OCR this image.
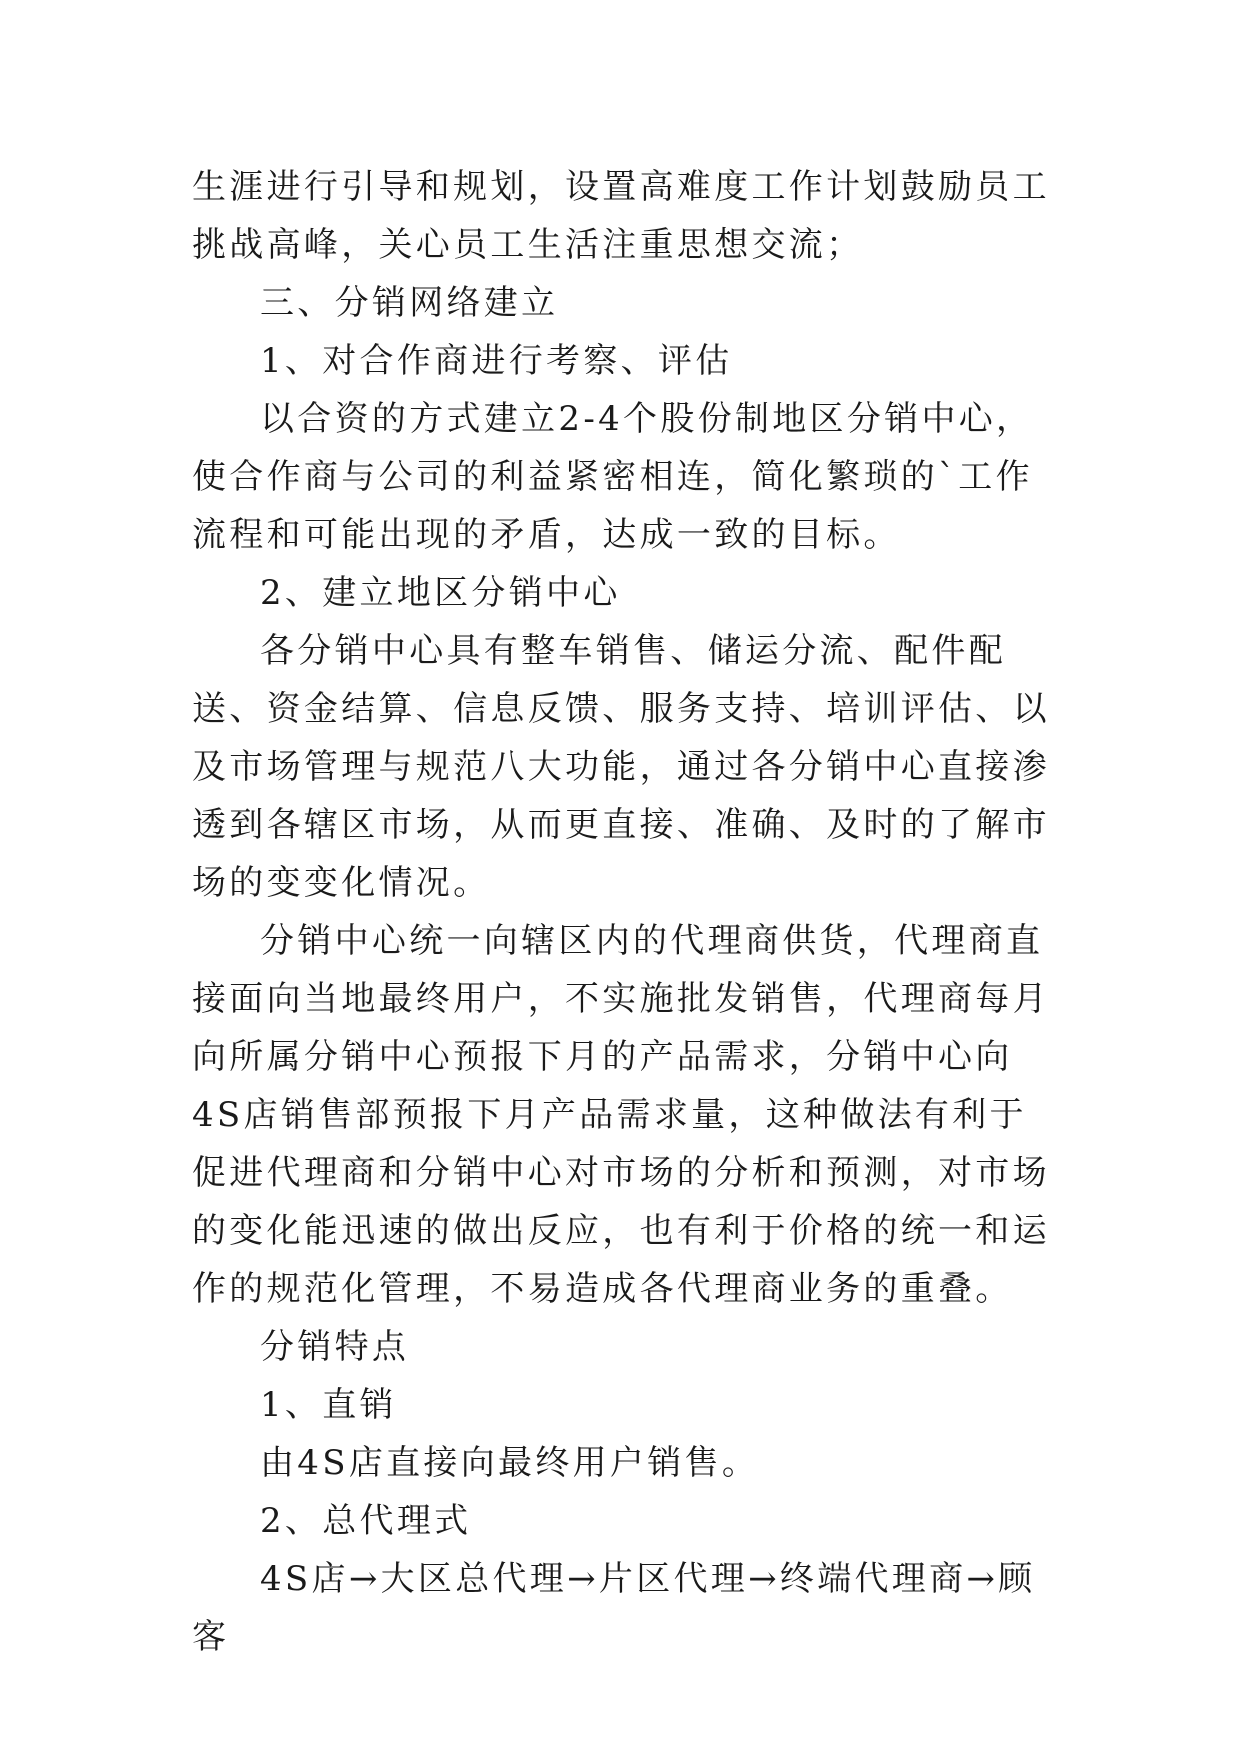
生涯进行引导和规划，设置高难度工作计划鼓励员工挑战高峰，关心员工生活注重思想交流；

三、分销网络建立

1、对合作商进行考察、评估

以合资的方式建立2-4个股份制地区分销中心，使合作商与公司的利益紧密相连，简化繁琐的`工作流程和可能出现的矛盾，达成一致的目标。

2、建立地区分销中心

各分销中心具有整车销售、储运分流、配件配送、资金结算、信息反馈、服务支持、培训评估、以及市场管理与规范八大功能，通过各分销中心直接渗透到各辖区市场，从而更直接、准确、及时的了解市场的变变化情况。

分销中心统一向辖区内的代理商供货，代理商直接面向当地最终用户，不实施批发销售，代理商每月向所属分销中心预报下月的产品需求，分销中心向4S店销售部预报下月产品需求量，这种做法有利于促进代理商和分销中心对市场的分析和预测，对市场的变化能迅速的做出反应，也有利于价格的统一和运作的规范化管理，不易造成各代理商业务的重叠。

分销特点

1、直销

由4S店直接向最终用户销售。

2、总代理式

4S店→大区总代理→片区代理→终端代理商→顾客
